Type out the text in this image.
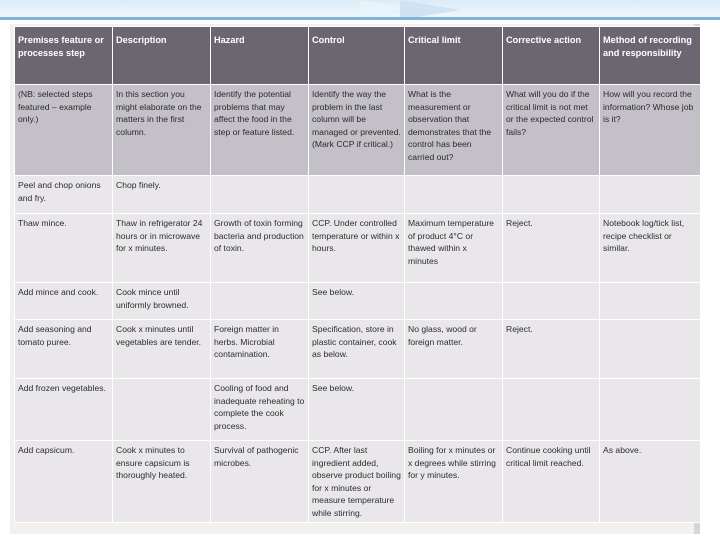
Premises feature or processes step	Description	Hazard	Control	Critical limit	Corrective action	Method of recording and responsibility
(NB: selected steps featured – example only.)	In this section you might elaborate on the matters in the first column.	Identify the potential problems that may affect the food in the step or feature listed.	Identify the way the problem in the last column will be managed or prevented. (Mark CCP if critical.)	What is the measurement or observation that demonstrates that the control has been carried out?	What will you do if the critical limit is not met or the expected control fails?	How will you record the information? Whose job is it?
Peel and chop onions and fry.	Chop finely.					
Thaw mince.	Thaw in refrigerator 24 hours or in microwave for x minutes.	Growth of toxin forming bacteria and production of toxin.	CCP. Under controlled temperature or within x hours.	Maximum temperature of product 4°C or thawed within x minutes	Reject.	Notebook log/tick list, recipe checklist or similar.
Add mince and cook.	Cook mince until uniformly browned.		See below.			
Add seasoning and tomato puree.	Cook x minutes until vegetables are tender.	Foreign matter in herbs. Microbial contamination.	Specification, store in plastic container, cook as below.	No glass, wood or foreign matter.	Reject.	
Add frozen vegetables.		Cooling of food and inadequate reheating to complete the cook process.	See below.			
Add capsicum.	Cook x minutes to ensure capsicum is thoroughly heated.	Survival of pathogenic microbes.	CCP. After last ingredient added, observe product boiling for x minutes or measure temperature while stirring.	Boiling for x minutes or x degrees while stirring for y minutes.	Continue cooking until critical limit reached.	As above.
